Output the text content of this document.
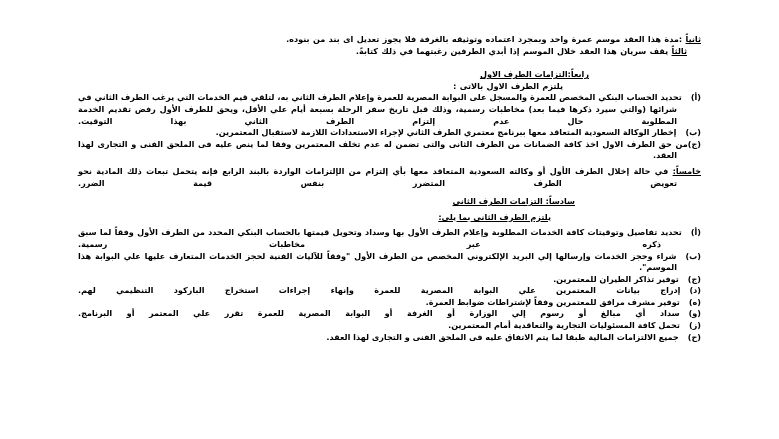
ثانياً :مدة هذا العقد موسم عمرة واحد وبمجرد اعتماده وتوثيقه بالغرفة فلا يجوز تعديل اى بند من بنوده.

ثالثاً يقف سريان هذا العقد خلال الموسم إذا أبدي الطرفين رغبتهما في ذلك كتابةً.

رابعاً:التزامات الطرف الاول

يلتزم الطرف الاول بالاتى :

(أ)تحديد الحساب البنكي المخصص للعمرة والمسجل على البوابة المصرية للعمرة وإعلام الطرف الثاني به، لتلقي قيم الخدمات التي يرغب الطرف الثاني في شرائها (والتي سيرد ذكرها فيما بعد) مخاطبات رسمية، وذلك قبل تاريخ سفر الرحلة بسبعة أيام علي الأقل، ويحق للطرف الأول رفض تقديم الخدمة المطلوبة حال عدم إلتزام الطرف الثاني بهذا التوقيت.

(ب)إخطار الوكالة السعودية المتعاقد معها ببرنامج معتمري الطرف الثاني لإجراء الاستعدادات اللازمة لاستقبال المعتمرين.

(ج)من حق الطرف الاول اخذ كافة الضمانات من الطرف الثانى والتى تضمن له عدم تخلف المعتمرين وفقا لما ينص عليه فى الملحق الفنى و التجارى لهذا العقد.

خامساً: في حالة إخلال الطرف الأول أو وكالته السعودية المتعاقد معها بأي إلتزام من الإلتزامات الواردة بالبند الرابع فإنه يتحمل تبعات ذلك المادية نحو تعويض الطرف المتضرر بنفس قيمة الضرر.

سادساً: التزامات الطرف الثانى

يلتزم الطرف الثانى بما يلى:

(أ)تحديد تفاصيل وتوقيتات كافة الخدمات المطلوبة وإعلام الطرف الأول بها وسداد وتحويل قيمتها بالحساب البنكي المحدد من الطرف الأول وفقاً لما سبق ذكره عبر مخاطبات رسمية.

(ب)شراء وحجز الخدمات وإرسالها إلي البريد الإلكتروني المخصص من الطرف الأول "وفقاً للآليات الفنية لحجز الخدمات المتعارف عليها علي البوابة هذا الموسم".

(ج)توفير تذاكر الطيران للمعتمرين.

(د)إدراج بيانات المعتمرين علي البوابة المصرية للعمرة وإنهاء إجراءات استخراج الباركود التنظيمي لهم.

(ه)توفير مشرف مرافق للمعتمرين وفقاً لإشتراطات ضوابط العمرة.

(و)سداد أي مبالغ أو رسوم إلي الوزارة أو الغرفة أو البوابة المصرية للعمرة تقرر علي المعتمر أو البرنامج.

(ز)تحمل كافة المسئوليات التجارية والتعاقدية أمام المعتمرين.

(ح)جميع الالتزامات المالية طبقا لما يتم الاتفاق عليه فى الملحق الفنى و التجارى لهذا العقد.
